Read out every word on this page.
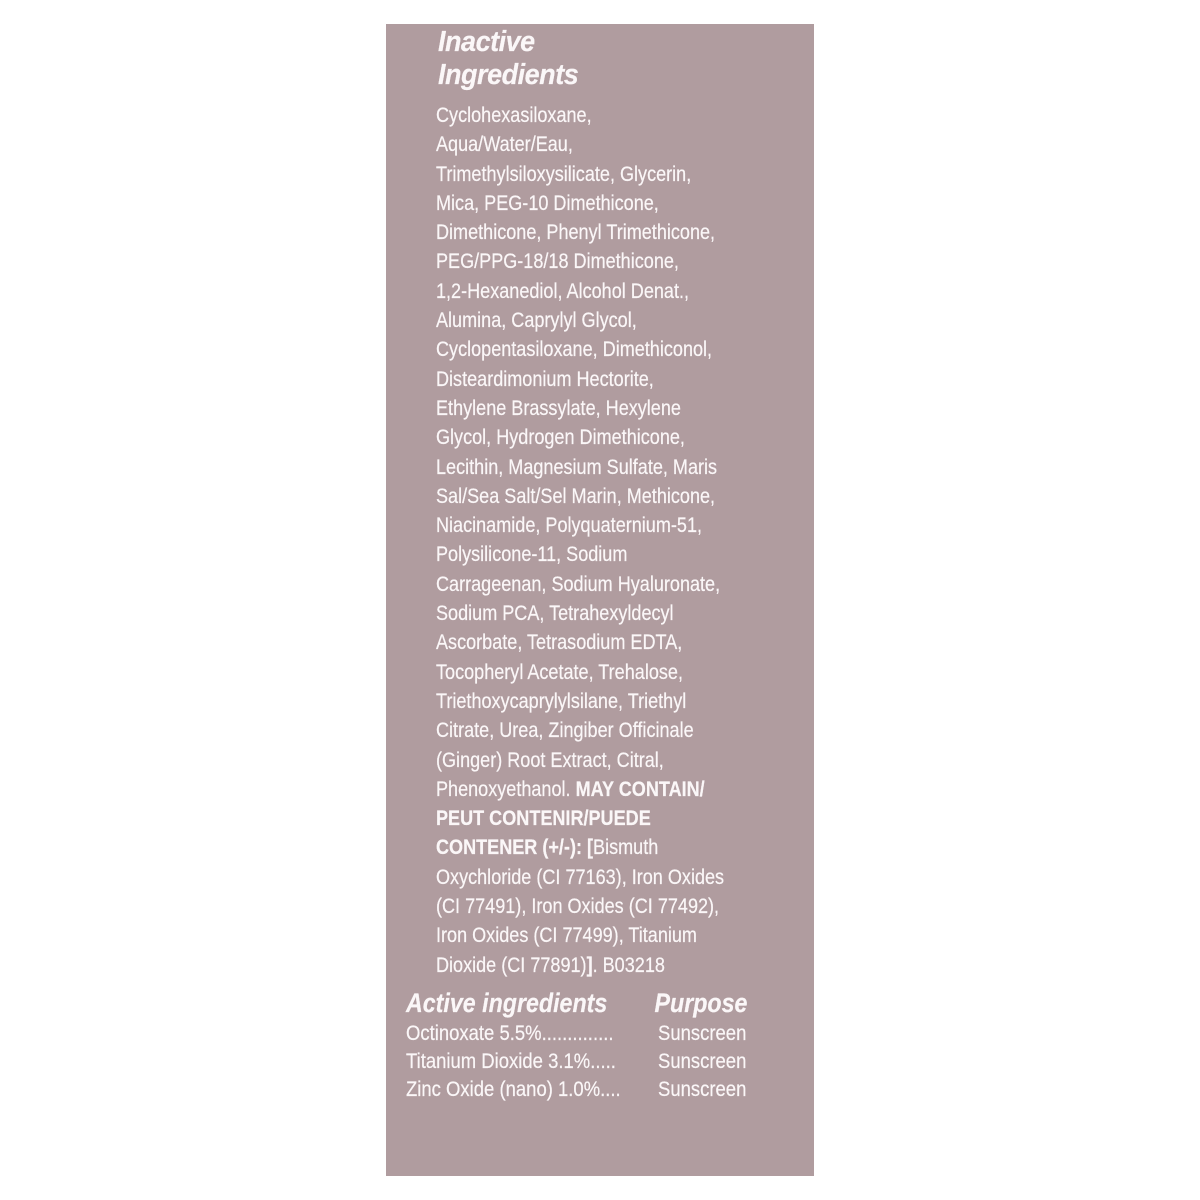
Inactive
Ingredients
Cyclohexasiloxane,
Aqua/Water/Eau,
Trimethylsiloxysilicate, Glycerin,
Mica, PEG-10 Dimethicone,
Dimethicone, Phenyl Trimethicone,
PEG/PPG-18/18 Dimethicone,
1,2-Hexanediol, Alcohol Denat.,
Alumina, Caprylyl Glycol,
Cyclopentasiloxane, Dimethiconol,
Disteardimonium Hectorite,
Ethylene Brassylate, Hexylene
Glycol, Hydrogen Dimethicone,
Lecithin, Magnesium Sulfate, Maris
Sal/Sea Salt/Sel Marin, Methicone,
Niacinamide, Polyquaternium-51,
Polysilicone-11, Sodium
Carrageenan, Sodium Hyaluronate,
Sodium PCA, Tetrahexyldecyl
Ascorbate, Tetrasodium EDTA,
Tocopheryl Acetate, Trehalose,
Triethoxycaprylylsilane, Triethyl
Citrate, Urea, Zingiber Officinale
(Ginger) Root Extract, Citral,
Phenoxyethanol. MAY CONTAIN/
PEUT CONTENIR/PUEDE
CONTENER (+/-): [Bismuth
Oxychloride (CI 77163), Iron Oxides
(CI 77491), Iron Oxides (CI 77492),
Iron Oxides (CI 77499), Titanium
Dioxide (CI 77891)]. B03218
Active ingredients Purpose
Octinoxate 5.5%.............. Sunscreen
Titanium Dioxide 3.1%..... Sunscreen
Zinc Oxide (nano) 1.0%.... Sunscreen
